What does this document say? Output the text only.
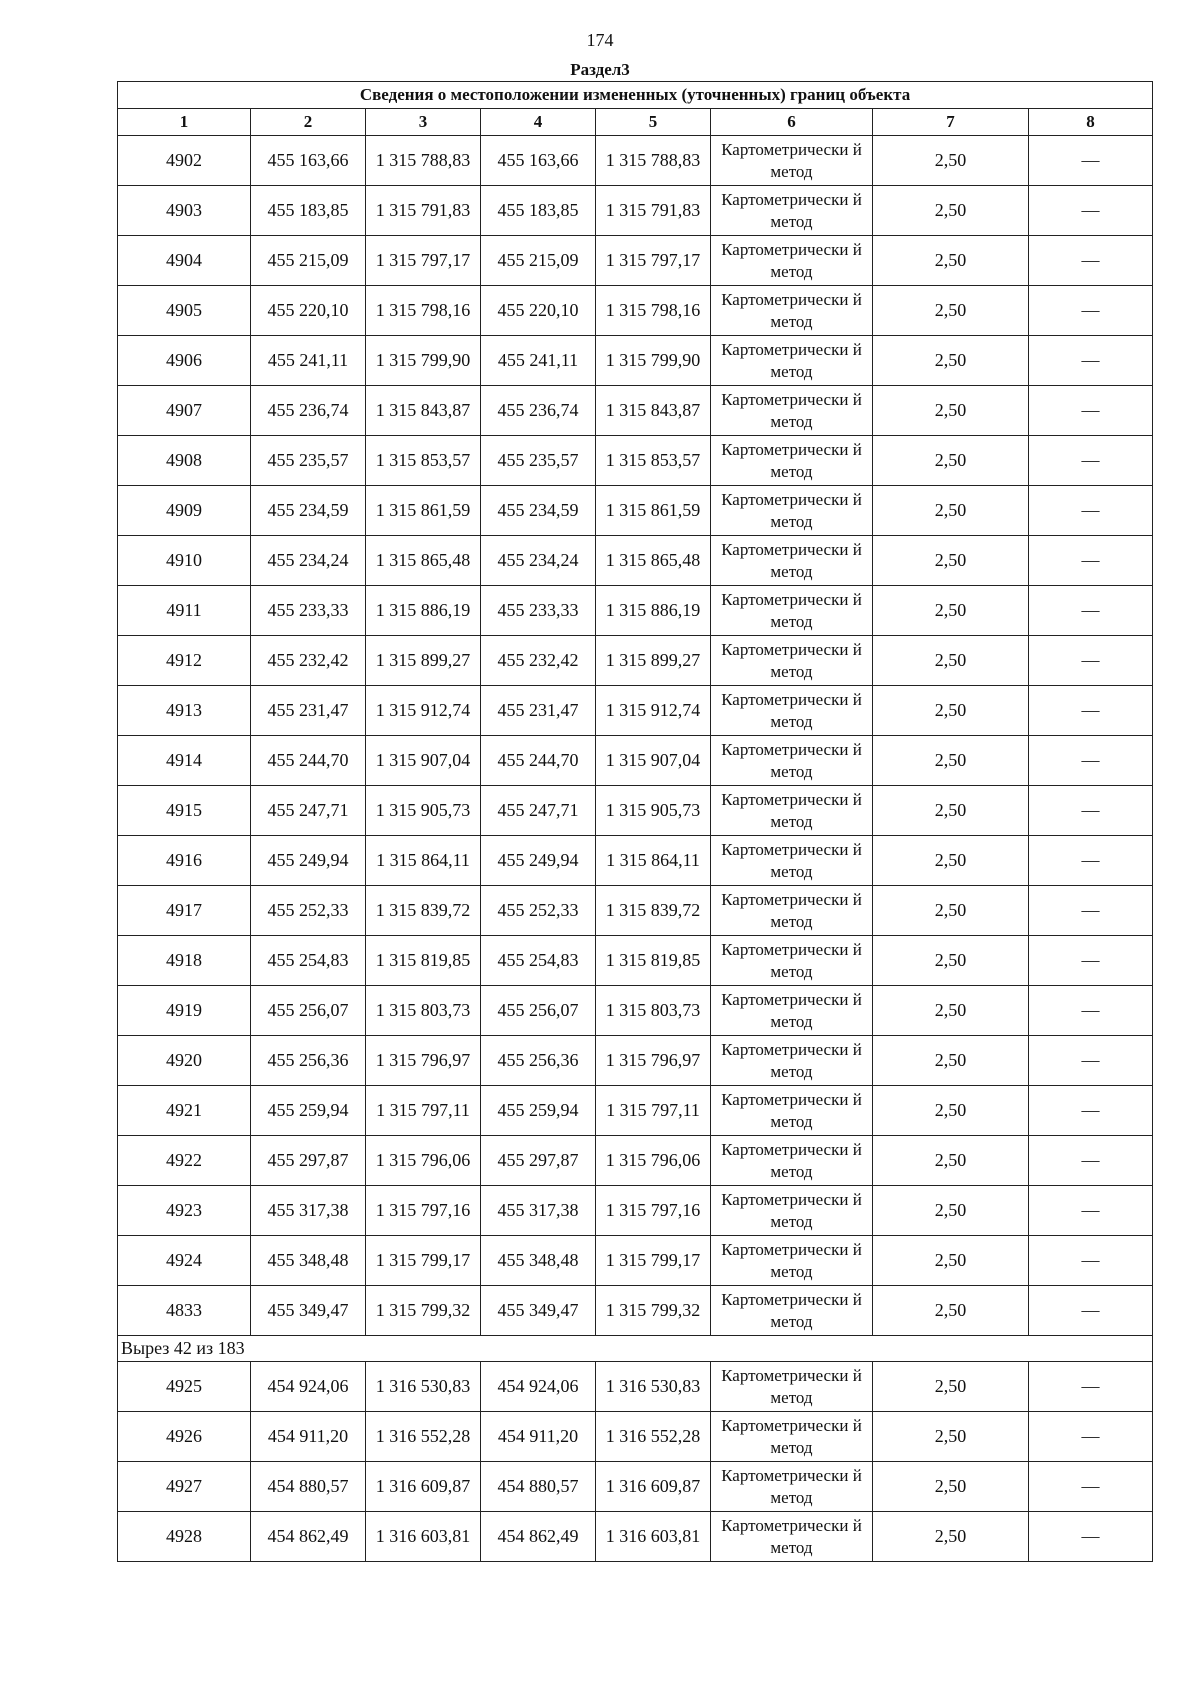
174
Раздел3
Сведения о местоположении измененных (уточненных) границ объекта							
1	2	3	4	5	6	7	8
4902	455 163,66	1 315 788,83	455 163,66	1 315 788,83	Картометрически й метод	2,50	—
4903	455 183,85	1 315 791,83	455 183,85	1 315 791,83	Картометрически й метод	2,50	—
4904	455 215,09	1 315 797,17	455 215,09	1 315 797,17	Картометрически й метод	2,50	—
4905	455 220,10	1 315 798,16	455 220,10	1 315 798,16	Картометрически й метод	2,50	—
4906	455 241,11	1 315 799,90	455 241,11	1 315 799,90	Картометрически й метод	2,50	—
4907	455 236,74	1 315 843,87	455 236,74	1 315 843,87	Картометрически й метод	2,50	—
4908	455 235,57	1 315 853,57	455 235,57	1 315 853,57	Картометрически й метод	2,50	—
4909	455 234,59	1 315 861,59	455 234,59	1 315 861,59	Картометрически й метод	2,50	—
4910	455 234,24	1 315 865,48	455 234,24	1 315 865,48	Картометрически й метод	2,50	—
4911	455 233,33	1 315 886,19	455 233,33	1 315 886,19	Картометрически й метод	2,50	—
4912	455 232,42	1 315 899,27	455 232,42	1 315 899,27	Картометрически й метод	2,50	—
4913	455 231,47	1 315 912,74	455 231,47	1 315 912,74	Картометрически й метод	2,50	—
4914	455 244,70	1 315 907,04	455 244,70	1 315 907,04	Картометрически й метод	2,50	—
4915	455 247,71	1 315 905,73	455 247,71	1 315 905,73	Картометрически й метод	2,50	—
4916	455 249,94	1 315 864,11	455 249,94	1 315 864,11	Картометрически й метод	2,50	—
4917	455 252,33	1 315 839,72	455 252,33	1 315 839,72	Картометрически й метод	2,50	—
4918	455 254,83	1 315 819,85	455 254,83	1 315 819,85	Картометрически й метод	2,50	—
4919	455 256,07	1 315 803,73	455 256,07	1 315 803,73	Картометрически й метод	2,50	—
4920	455 256,36	1 315 796,97	455 256,36	1 315 796,97	Картометрически й метод	2,50	—
4921	455 259,94	1 315 797,11	455 259,94	1 315 797,11	Картометрически й метод	2,50	—
4922	455 297,87	1 315 796,06	455 297,87	1 315 796,06	Картометрически й метод	2,50	—
4923	455 317,38	1 315 797,16	455 317,38	1 315 797,16	Картометрически й метод	2,50	—
4924	455 348,48	1 315 799,17	455 348,48	1 315 799,17	Картометрически й метод	2,50	—
4833	455 349,47	1 315 799,32	455 349,47	1 315 799,32	Картометрически й метод	2,50	—
Вырез 42 из 183							
4925	454 924,06	1 316 530,83	454 924,06	1 316 530,83	Картометрически й метод	2,50	—
4926	454 911,20	1 316 552,28	454 911,20	1 316 552,28	Картометрически й метод	2,50	—
4927	454 880,57	1 316 609,87	454 880,57	1 316 609,87	Картометрически й метод	2,50	—
4928	454 862,49	1 316 603,81	454 862,49	1 316 603,81	Картометрически й метод	2,50	—
